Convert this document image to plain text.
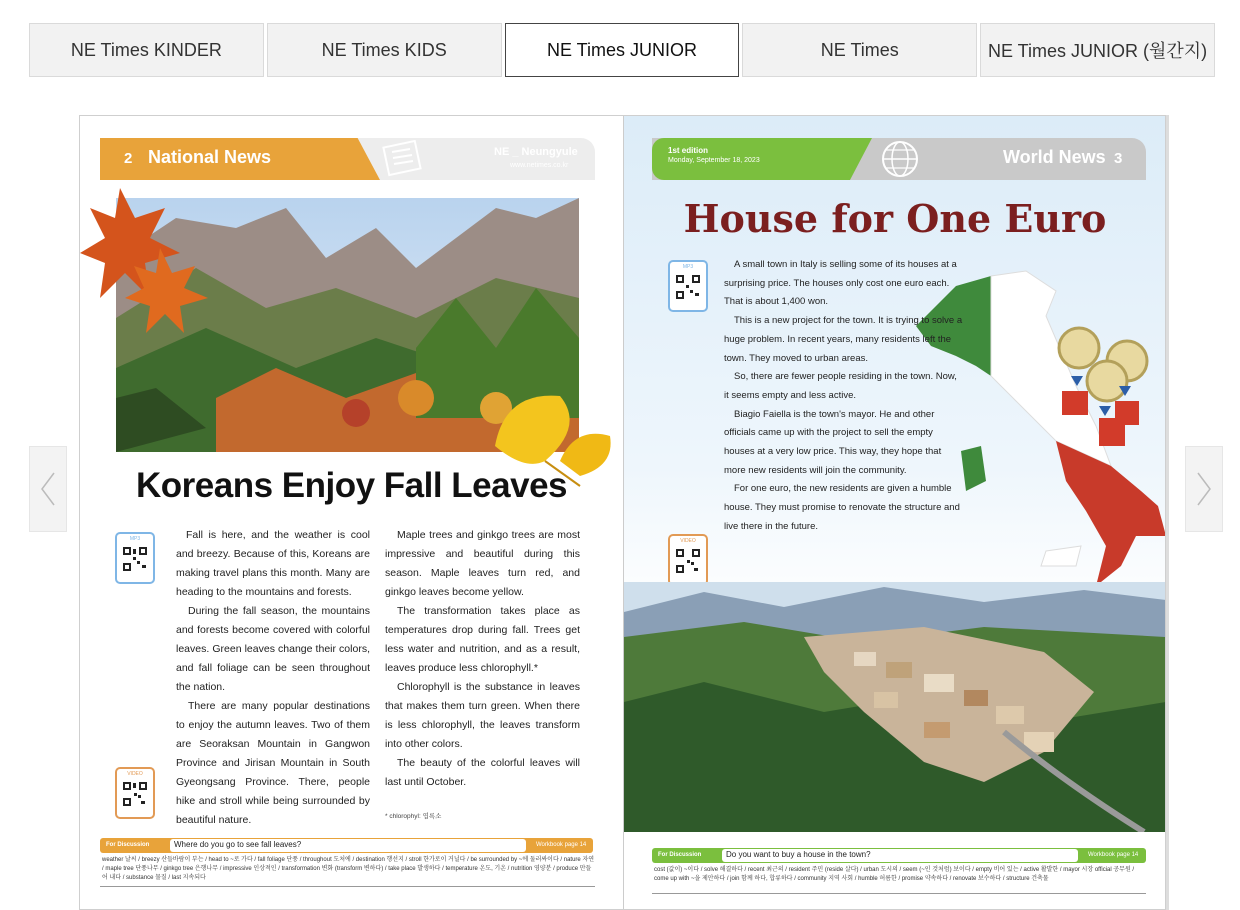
NE Times KINDER	NE Times KIDS	NE Times JUNIOR	NE Times	NE Times JUNIOR (월간지)
2 National News	NE _ Neungyule
www.netimes.co.kr
Koreans Enjoy Fall Leaves
MP3
VIDEO

Fall is here, and the weather is cool and breezy. Because of this, Koreans are making travel plans this month. Many are heading to the mountains and forests.

During the fall season, the mountains and forests become covered with colorful leaves. Green leaves change their colors, and fall foliage can be seen throughout the nation.

There are many popular destinations to enjoy the autumn leaves. Two of them are Seoraksan Mountain in Gangwon Province and Jirisan Mountain in South Gyeongsang Province. There, people hike and stroll while being surrounded by beautiful nature.

Maple trees and ginkgo trees are most impressive and beautiful during this season. Maple leaves turn red, and ginkgo leaves become yellow.

The transformation takes place as temperatures drop during fall. Trees get less water and nutrition, and as a result, leaves produce less chlorophyll.*

Chlorophyll is the substance in leaves that makes them turn green. When there is less chlorophyll, the leaves transform into other colors.

The beauty of the colorful leaves will last until October.

* chlorophyl: 엽록소
For Discussion	Where do you go to see fall leaves?	Workbook page 14
weather 날씨 / breezy 산들바람이 부는 / head to ~로 가다 / fall foliage 단풍 / throughout 도처에 / destination 행선지 / stroll 한가로이 거닐다 / be surrounded by ~에 둘러싸이다 / nature 자연 / maple tree 단풍나무 / ginkgo tree 은행나무 / impressive 인상적인 / transformation 변화 (transform 변하다) / take place 발생하다 / temperature 온도, 기온 / nutrition 영양분 / produce 만들어 내다 / substance 물질 / last 지속되다
1st edition
Monday, September 18, 2023	World News 3
House for One Euro
MP3
VIDEO

A small town in Italy is selling some of its houses at a surprising price. The houses only cost one euro each. That is about 1,400 won.

This is a new project for the town. It is trying to solve a huge problem. In recent years, many residents left the town. They moved to urban areas.

So, there are fewer people residing in the town. Now, it seems empty and less active.

Biagio Faiella is the town's mayor. He and other officials came up with the project to sell the empty houses at a very low price. This way, they hope that more new residents will join the community.

For one euro, the new residents are given a humble house. They must promise to renovate the structure and live there in the future.

For Discussion	Do you want to buy a house in the town?	Workbook page 14
cost (값이) ~이다 / solve 해결하다 / recent 최근의 / resident 주민 (reside 살다) / urban 도시의 / seem (~인 것처럼) 보이다 / empty 비어 있는 / active 활발한 / mayor 시장 official 공무원 / come up with ~을 제안하다 / join 함께 하다, 합류하다 / community 지역 사회 / humble 허름한 / promise 약속하다 / renovate 보수하다 / structure 건축물
